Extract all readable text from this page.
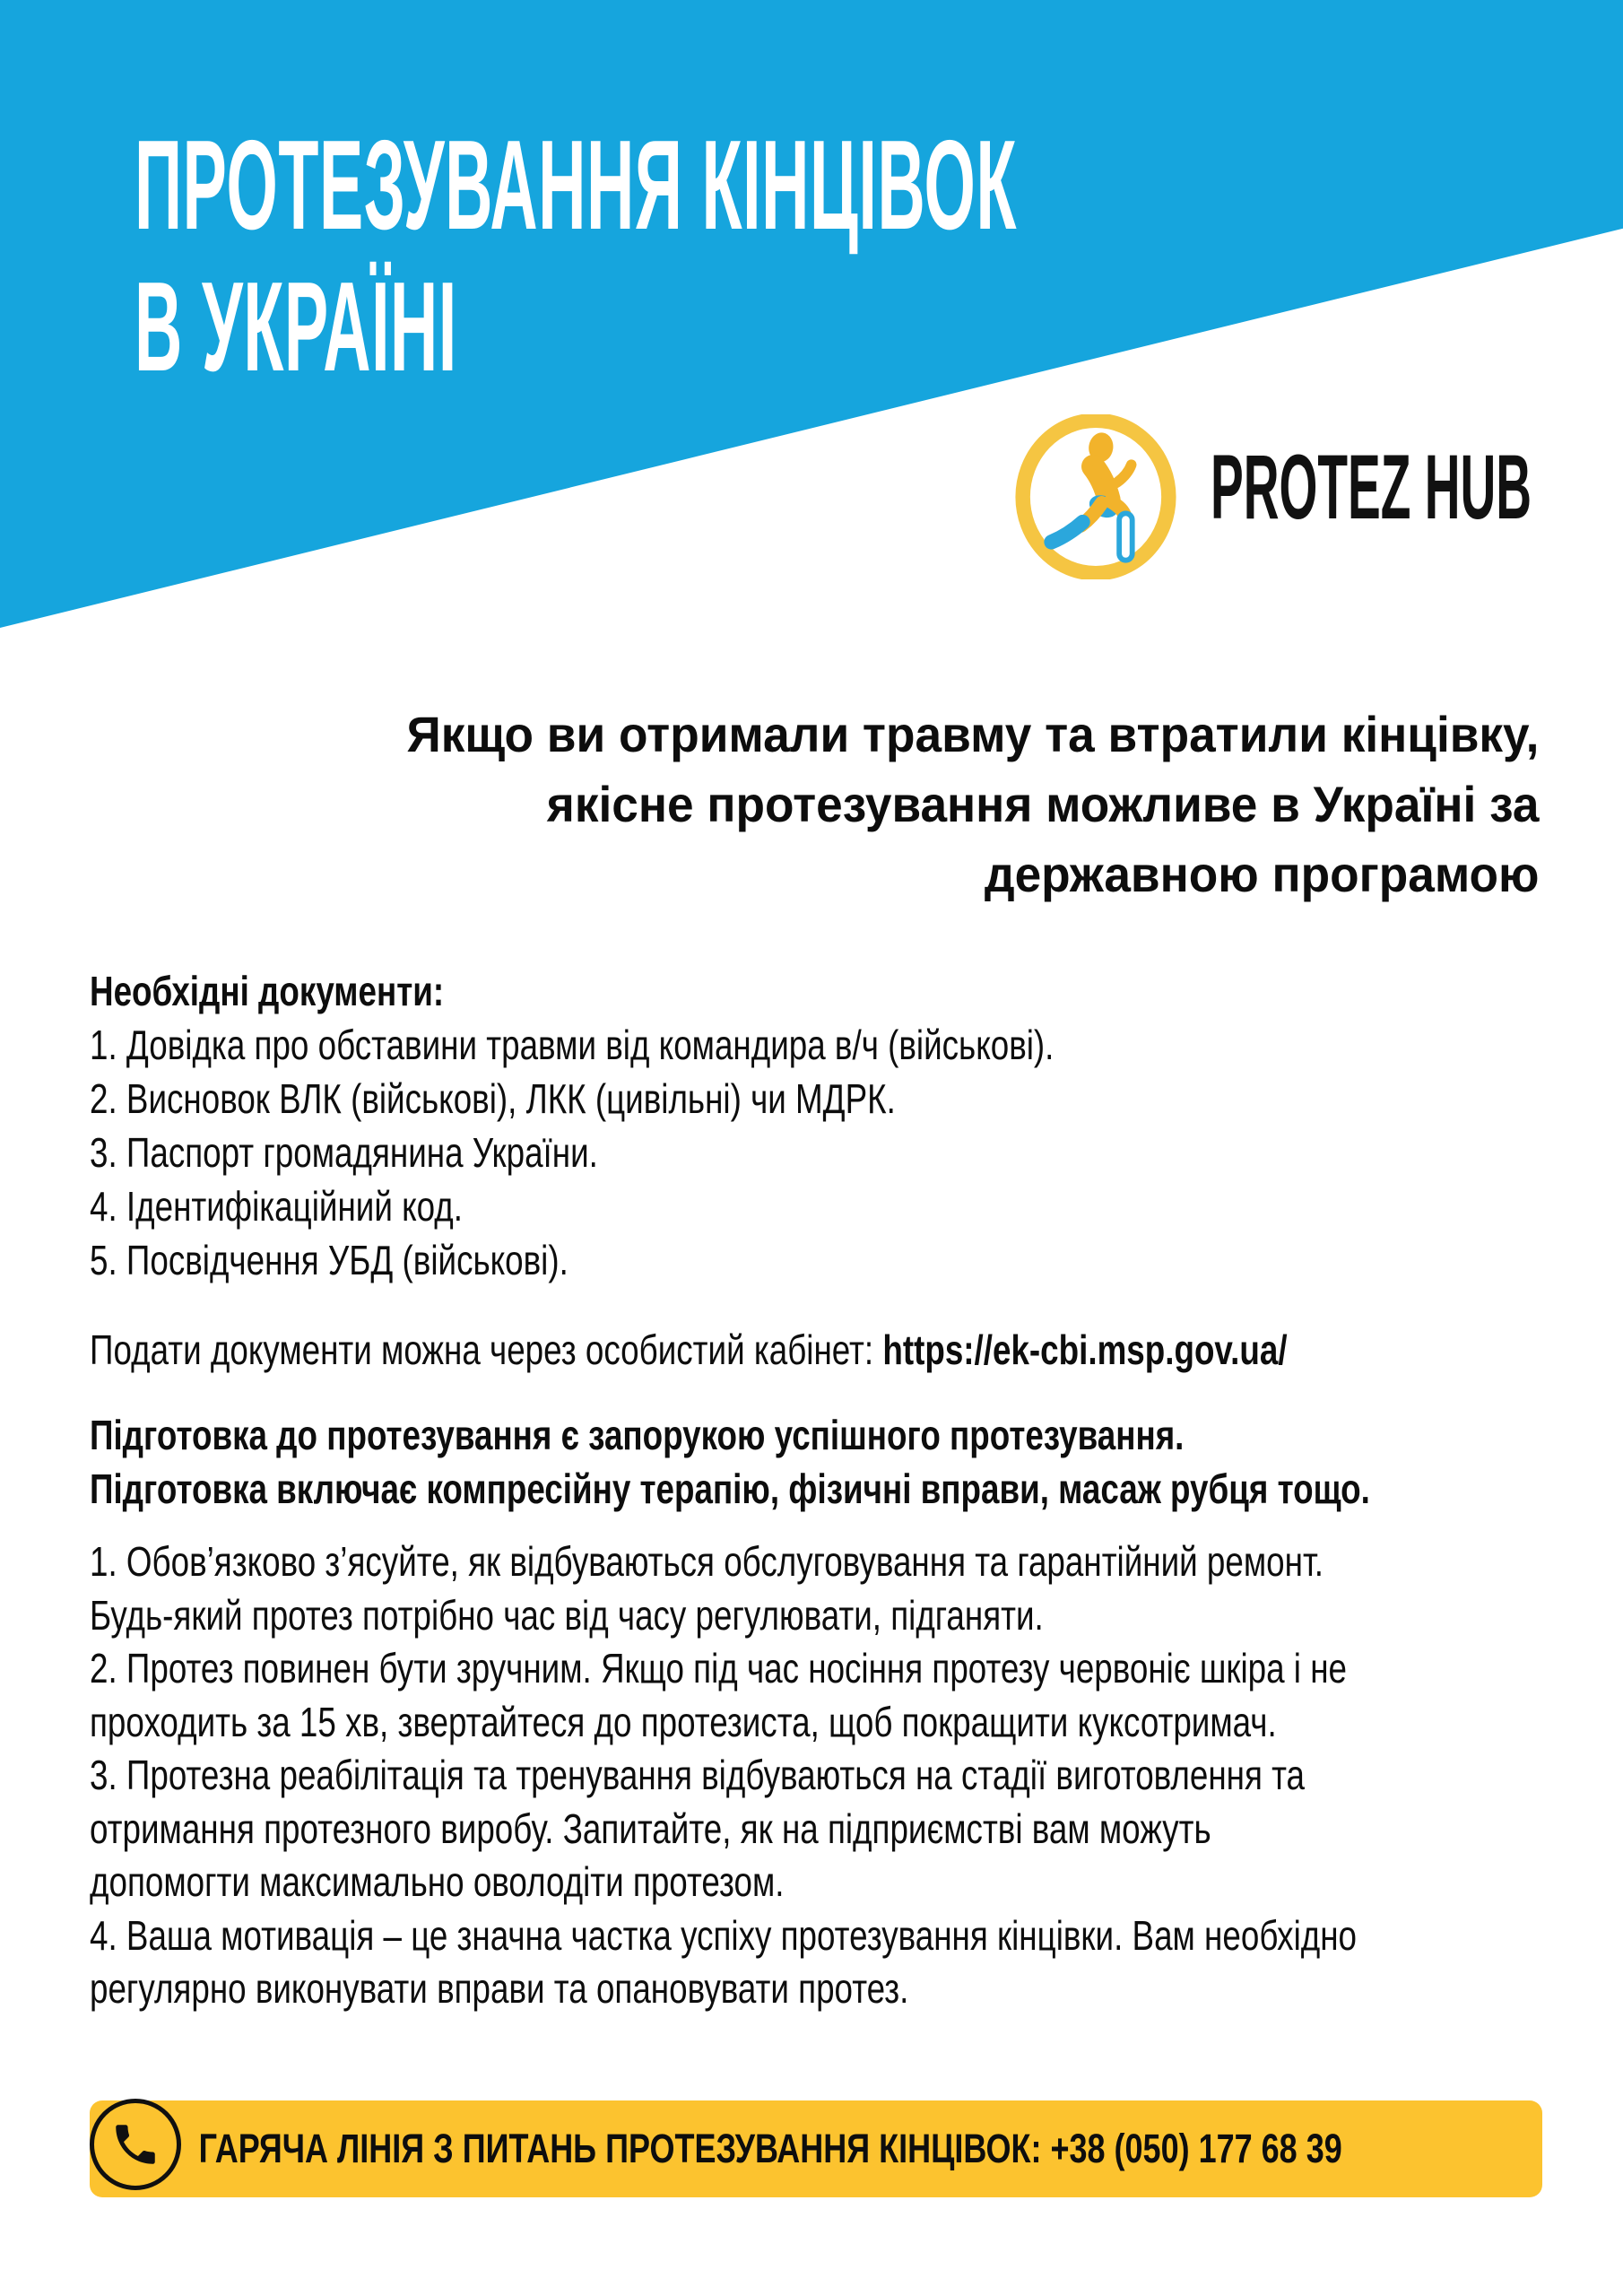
ПРОТЕЗУВАННЯ КІНЦІВОК
В УКРАЇНІ
PROTEZ HUB
Якщо ви отримали травму та втратили кінцівку,
якісне протезування можливе в Україні за
державною програмою
Необхідні документи:
1. Довідка про обставини травми від командира в/ч (військові).
2. Висновок ВЛК (військові), ЛКК (цивільні) чи МДРК.
3. Паспорт громадянина України.
4. Ідентифікаційний код.
5. Посвідчення УБД (військові).
Подати документи можна через особистий кабінет: https://ek-cbi.msp.gov.ua/
Підготовка до протезування є запорукою успішного протезування.
Підготовка включає компресійну терапію, фізичні вправи, масаж рубця тощо.
1. Обов’язково з’ясуйте, як відбуваються обслуговування та гарантійний ремонт.
Будь-який протез потрібно час від часу регулювати, підганяти.
2. Протез повинен бути зручним. Якщо під час носіння протезу червоніє шкіра і не
проходить за 15 хв, звертайтеся до протезиста, щоб покращити куксотримач.
3. Протезна реабілітація та тренування відбуваються на стадії виготовлення та
отримання протезного виробу. Запитайте, як на підприємстві вам можуть
допомогти максимально оволодіти протезом.
4. Ваша мотивація – це значна частка успіху протезування кінцівки. Вам необхідно
регулярно виконувати вправи та опановувати протез.
ГАРЯЧА ЛІНІЯ З ПИТАНЬ ПРОТЕЗУВАННЯ КІНЦІВОК: +38 (050) 177 68 39
